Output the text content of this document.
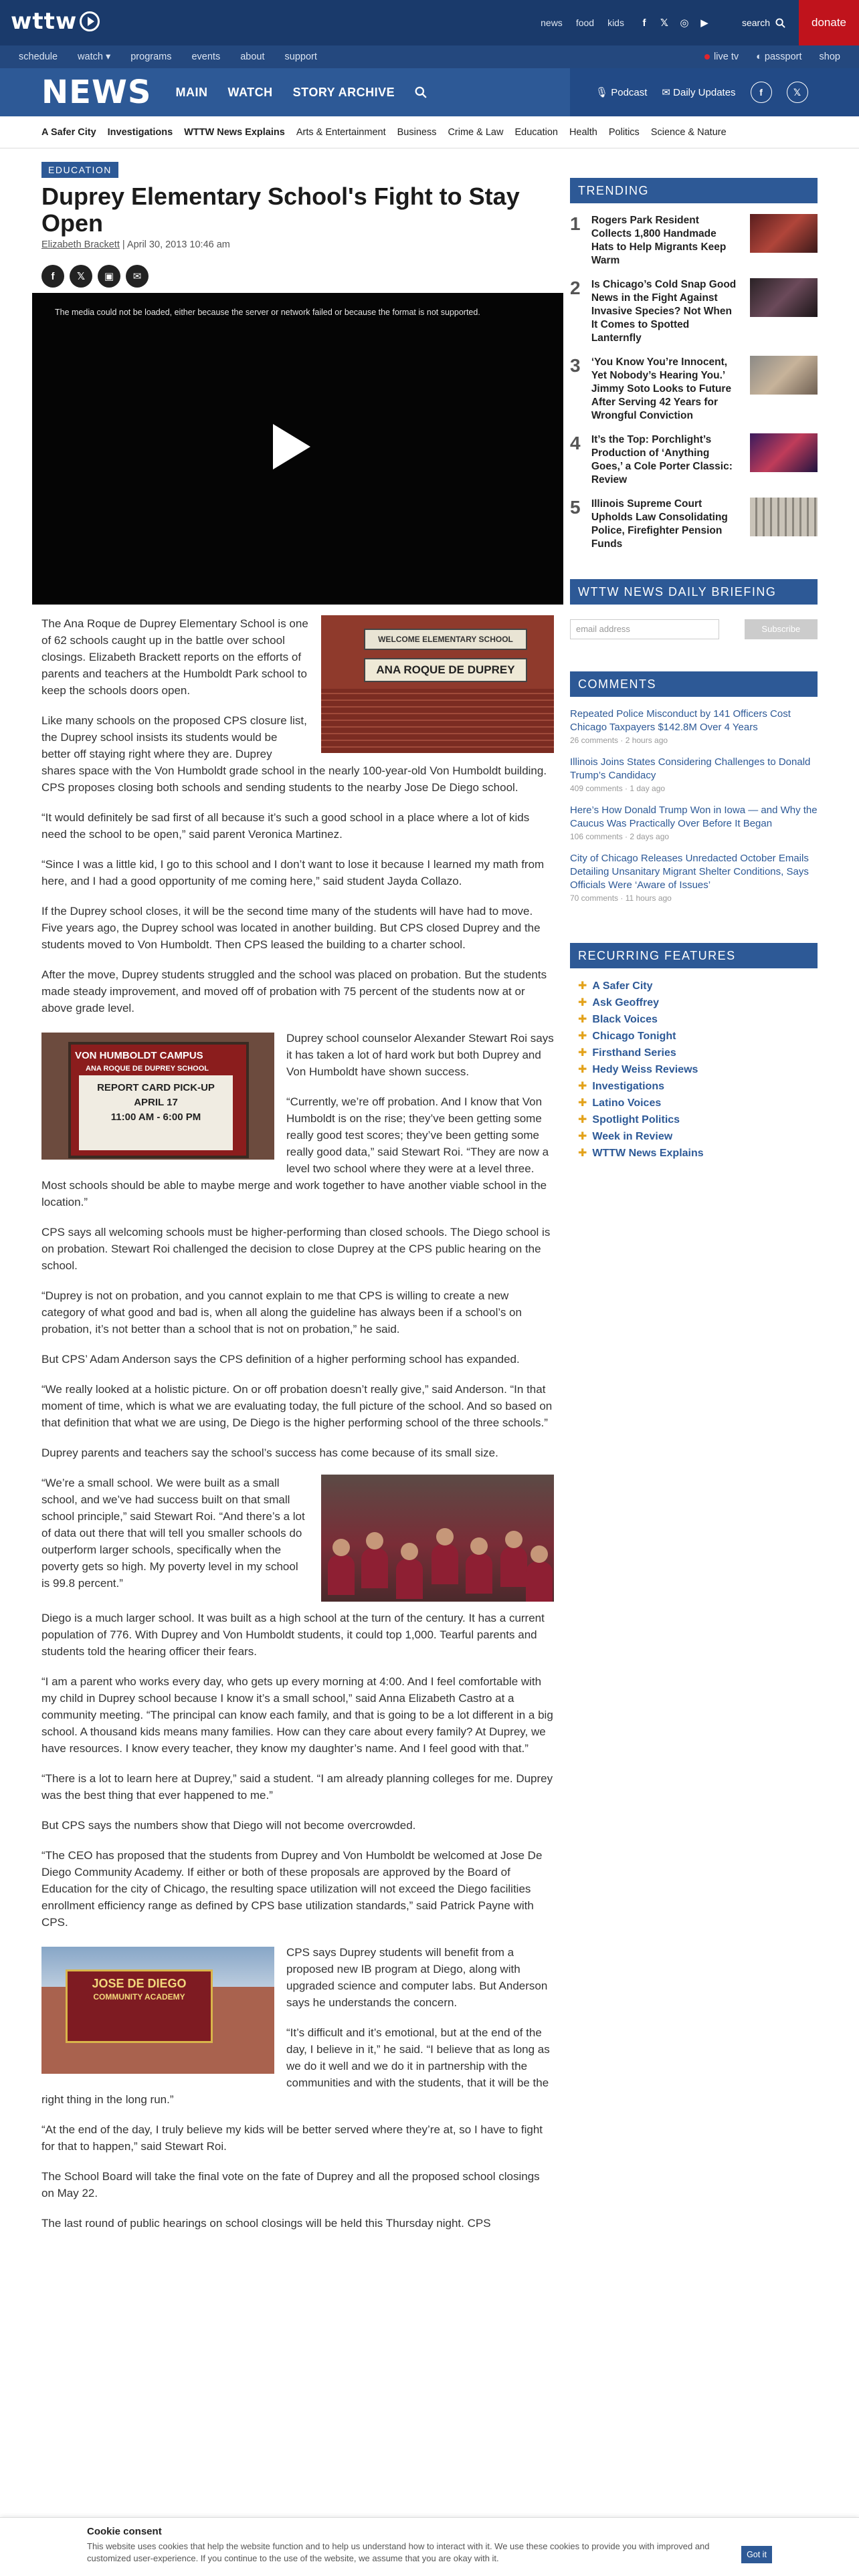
wttw	news food kids	f	𝕏 ◎ ▶	search	donate
schedule watch ▾ programs events about support	live tv ◐ passport shop
NEWS MAIN WATCH STORY ARCHIVE	🎙 Podcast ✉ Daily Updates	f	𝕏
A Safer City Investigations WTTW News Explains Arts & Entertainment Business Crime & Law Education Health Politics Science & Nature
EDUCATION
Duprey Elementary School's Fight to Stay Open
Elizabeth Brackett | April 30, 2013 10:46 am
f	𝕏	▣	✉
The media could not be loaded, either because the server or network failed or because the format is not supported.
WELCOME ELEMENTARY SCHOOL
ANA ROQUE DE DUPREY

The Ana Roque de Duprey Elementary School is one of 62 schools caught up in the battle over school closings. Elizabeth Brackett reports on the efforts of parents and teachers at the Humboldt Park school to keep the schools doors open.

Like many schools on the proposed CPS closure list, the Duprey school insists its students would be better off staying right where they are. Duprey shares space with the Von Humboldt grade school in the nearly 100-year-old Von Humboldt building. CPS proposes closing both schools and sending students to the nearby Jose De Diego school.

“It would definitely be sad first of all because it’s such a good school in a place where a lot of kids need the school to be open,” said parent Veronica Martinez.

“Since I was a little kid, I go to this school and I don’t want to lose it because I learned my math from here, and I had a good opportunity of me coming here,” said student Jayda Collazo.

If the Duprey school closes, it will be the second time many of the students will have had to move. Five years ago, the Duprey school was located in another building. But CPS closed Duprey and the students moved to Von Humboldt. Then CPS leased the building to a charter school.

After the move, Duprey students struggled and the school was placed on probation. But the students made steady improvement, and moved off of probation with 75 percent of the students now at or above grade level.

VON HUMBOLDT CAMPUS
ANA ROQUE DE DUPREY SCHOOL
REPORT CARD PICK-UP
APRIL 17
11:00 AM - 6:00 PM

Duprey school counselor Alexander Stewart Roi says it has taken a lot of hard work but both Duprey and Von Humboldt have shown success.

“Currently, we’re off probation. And I know that Von Humboldt is on the rise; they’ve been getting some really good test scores; they’ve been getting some really good data,” said Stewart Roi. “They are now a level two school where they were at a level three. Most schools should be able to maybe merge and work together to have another viable school in the location.”

CPS says all welcoming schools must be higher-performing than closed schools. The Diego school is on probation. Stewart Roi challenged the decision to close Duprey at the CPS public hearing on the school.

“Duprey is not on probation, and you cannot explain to me that CPS is willing to create a new category of what good and bad is, when all along the guideline has always been if a school’s on probation, it’s not better than a school that is not on probation,” he said.

But CPS’ Adam Anderson says the CPS definition of a higher performing school has expanded.

“We really looked at a holistic picture. On or off probation doesn’t really give,” said Anderson. “In that moment of time, which is what we are evaluating today, the full picture of the school. And so based on that definition that what we are using, De Diego is the higher performing school of the three schools.”

Duprey parents and teachers say the school’s success has come because of its small size.

“We’re a small school. We were built as a small school, and we’ve had success built on that small school principle,” said Stewart Roi. “And there’s a lot of data out there that will tell you smaller schools do outperform larger schools, specifically when the poverty gets so high. My poverty level in my school is 99.8 percent.”

Diego is a much larger school. It was built as a high school at the turn of the century. It has a current population of 776. With Duprey and Von Humboldt students, it could top 1,000. Tearful parents and students told the hearing officer their fears.

“I am a parent who works every day, who gets up every morning at 4:00. And I feel comfortable with my child in Duprey school because I know it’s a small school,” said Anna Elizabeth Castro at a community meeting. “The principal can know each family, and that is going to be a lot different in a big school. A thousand kids means many families. How can they care about every family? At Duprey, we have resources. I know every teacher, they know my daughter’s name. And I feel good with that.”

“There is a lot to learn here at Duprey,” said a student. “I am already planning colleges for me. Duprey was the best thing that ever happened to me.”

But CPS says the numbers show that Diego will not become overcrowded.

“The CEO has proposed that the students from Duprey and Von Humboldt be welcomed at Jose De Diego Community Academy. If either or both of these proposals are approved by the Board of Education for the city of Chicago, the resulting space utilization will not exceed the Diego facilities enrollment efficiency range as defined by CPS base utilization standards,” said Patrick Payne with CPS.

JOSE DE DIEGO
COMMUNITY ACADEMY

CPS says Duprey students will benefit from a proposed new IB program at Diego, along with upgraded science and computer labs. But Anderson says he understands the concern.

“It’s difficult and it’s emotional, but at the end of the day, I believe in it,” he said. “I believe that as long as we do it well and we do it in partnership with the communities and with the students, that it will be the right thing in the long run.”

“At the end of the day, I truly believe my kids will be better served where they’re at, so I have to fight for that to happen,” said Stewart Roi.

The School Board will take the final vote on the fate of Duprey and all the proposed school closings on May 22.

The last round of public hearings on school closings will be held this Thursday night. CPS

TRENDING
1	Rogers Park Resident Collects 1,800 Handmade Hats to Help Migrants Keep Warm
2	Is Chicago’s Cold Snap Good News in the Fight Against Invasive Species? Not When It Comes to Spotted Lanternfly
3	‘You Know You’re Innocent, Yet Nobody’s Hearing You.’ Jimmy Soto Looks to Future After Serving 42 Years for Wrongful Conviction
4	It’s the Top: Porchlight’s Production of ‘Anything Goes,’ a Cole Porter Classic: Review
5	Illinois Supreme Court Upholds Law Consolidating Police, Firefighter Pension Funds
WTTW NEWS DAILY BRIEFING
email address	Subscribe
COMMENTS
Repeated Police Misconduct by 141 Officers Cost Chicago Taxpayers $142.8M Over 4 Years
26 comments · 2 hours ago
Illinois Joins States Considering Challenges to Donald Trump’s Candidacy
409 comments · 1 day ago
Here’s How Donald Trump Won in Iowa — and Why the Caucus Was Practically Over Before It Began
106 comments · 2 days ago
City of Chicago Releases Unredacted October Emails Detailing Unsanitary Migrant Shelter Conditions, Says Officials Were ‘Aware of Issues’
70 comments · 11 hours ago
RECURRING FEATURES
✚ A Safer City
✚ Ask Geoffrey
✚ Black Voices
✚ Chicago Tonight
✚ Firsthand Series
✚ Hedy Weiss Reviews
✚ Investigations
✚ Latino Voices
✚ Spotlight Politics
✚ Week in Review
✚ WTTW News Explains
Cookie consent
This website uses cookies that help the website function and to help us understand how to interact with it. We use these cookies to provide you with improved and customized user-experience. If you continue to the use of the website, we assume that you are okay with it.	Got it
